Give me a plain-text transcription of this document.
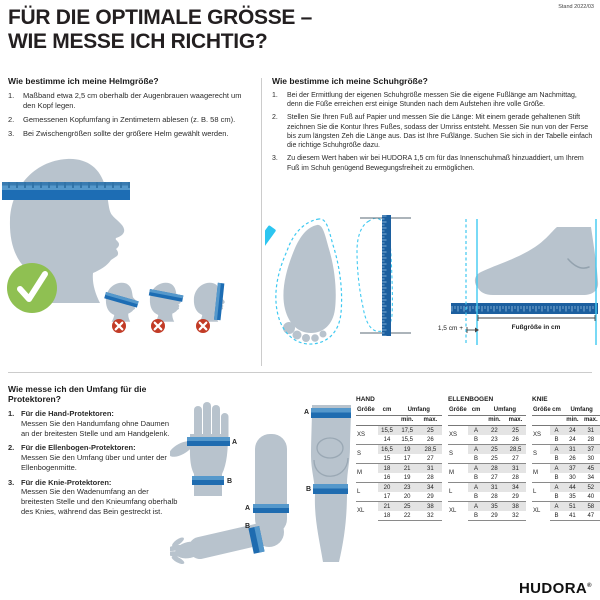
Stand 2022/03
FÜR DIE OPTIMALE GRÖSSE –
WIE MESSE ICH RICHTIG?
Wie bestimme ich meine Helmgröße?
1.	Maßband etwa 2,5 cm oberhalb der Augenbrauen waagerecht um den Kopf legen.
2.	Gemessenen Kopfumfang in Zentimetern ablesen (z. B. 58 cm).
3.	Bei Zwischengrößen sollte der größere Helm gewählt werden.
Wie bestimme ich meine Schuhgröße?
1.	Bei der Ermittlung der eigenen Schuhgröße messen Sie die eigene Fußlänge am Nachmittag, denn die Füße erreichen erst einige Stunden nach dem Aufstehen ihre volle Größe.
2.	Stellen Sie Ihren Fuß auf Papier und messen Sie die Länge: Mit einem gerade gehaltenen Stift zeichnen Sie die Kontur Ihres Fußes, sodass der Umriss entsteht. Messen Sie nun von der Ferse bis zum längsten Zeh die Länge aus. Das ist Ihre Fußlänge. Suchen Sie sich in der Tabelle einfach die richtige Schuhgröße dazu.
3.	Zu diesem Wert haben wir bei HUDORA 1,5 cm für das Innenschuhmaß hinzuaddiert, um Ihrem Fuß im Schuh genügend Bewegungsfreiheit zu ermöglichen.
1,5 cm +	Fußgröße in cm
Wie messe ich den Umfang für die Protektoren?
1. Für die Hand-Protektoren:
Messen Sie den Handumfang ohne Daumen an der breitesten Stelle und am Handgelenk.
2. Für die Ellenbogen-Protektoren:
Messen Sie den Umfang über und unter der Ellenbogenmitte.
3. Für die Knie-Protektoren:
Messen Sie den Wadenumfang an der breitesten Stelle und den Knieumfang oberhalb des Knies, während das Bein gestreckt ist.
A
B
A
B
A
B
HAND
Größe	cm	Umfang	
		min.	max.
XS	15,5	17,5	25
	14	15,5	26
S	16,5	19	28,5
	15	17	27
M	18	21	31
	16	19	28
L	20	23	34
	17	20	29
XL	21	25	38
	18	22	32
ELLENBOGEN
Größe	cm	Umfang	
		min.	max.
XS	A	22	25
	B	23	26
S	A	25	28,5
	B	25	27
M	A	28	31
	B	27	28
L	A	31	34
	B	28	29
XL	A	35	38
	B	29	32
KNIE
Größe	cm	Umfang	
		min.	max.
XS	A	24	31
	B	24	28
S	A	31	37
	B	26	30
M	A	37	45
	B	30	34
L	A	44	52
	B	35	40
XL	A	51	58
	B	41	47
HUDORA®
